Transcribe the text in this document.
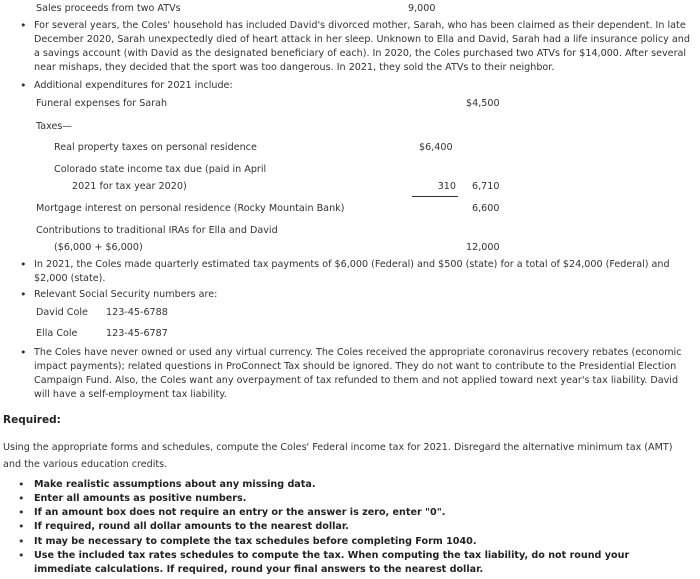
Sales proceeds from two ATVs	9,000
• For several years, the Coles' household has included David's divorced mother, Sarah, who has been claimed as their dependent. In late December 2020, Sarah unexpectedly died of heart attack in her sleep. Unknown to Ella and David, Sarah had a life insurance policy and a savings account (with David as the designated beneficiary of each). In 2020, the Coles purchased two ATVs for $14,000. After several near mishaps, they decided that the sport was too dangerous. In 2021, they sold the ATVs to their neighbor.
• Additional expenditures for 2021 include:
Funeral expenses for Sarah	$4,500
Taxes—
Real property taxes on personal residence	$6,400
Colorado state income tax due (paid in April
2021 for tax year 2020)	310 6,710
Mortgage interest on personal residence (Rocky Mountain Bank)	6,600
Contributions to traditional IRAs for Ella and David
($6,000 + $6,000)	12,000
• In 2021, the Coles made quarterly estimated tax payments of $6,000 (Federal) and $500 (state) for a total of $24,000 (Federal) and $2,000 (state).
• Relevant Social Security numbers are:
David Cole 123-45-6788
Ella Cole	123-45-6787
• The Coles have never owned or used any virtual currency. The Coles received the appropriate coronavirus recovery rebates (economic impact payments); related questions in ProConnect Tax should be ignored. They do not want to contribute to the Presidential Election Campaign Fund. Also, the Coles want any overpayment of tax refunded to them and not applied toward next year's tax liability. David will have a self-employment tax liability.
Required:
Using the appropriate forms and schedules, compute the Coles' Federal income tax for 2021. Disregard the alternative minimum tax (AMT) and the various education credits.
• Make realistic assumptions about any missing data.
• Enter all amounts as positive numbers.
• If an amount box does not require an entry or the answer is zero, enter "0".
• If required, round all dollar amounts to the nearest dollar.
• It may be necessary to complete the tax schedules before completing Form 1040.
• Use the included tax rates schedules to compute the tax. When computing the tax liability, do not round your immediate calculations. If required, round your final answers to the nearest dollar.
